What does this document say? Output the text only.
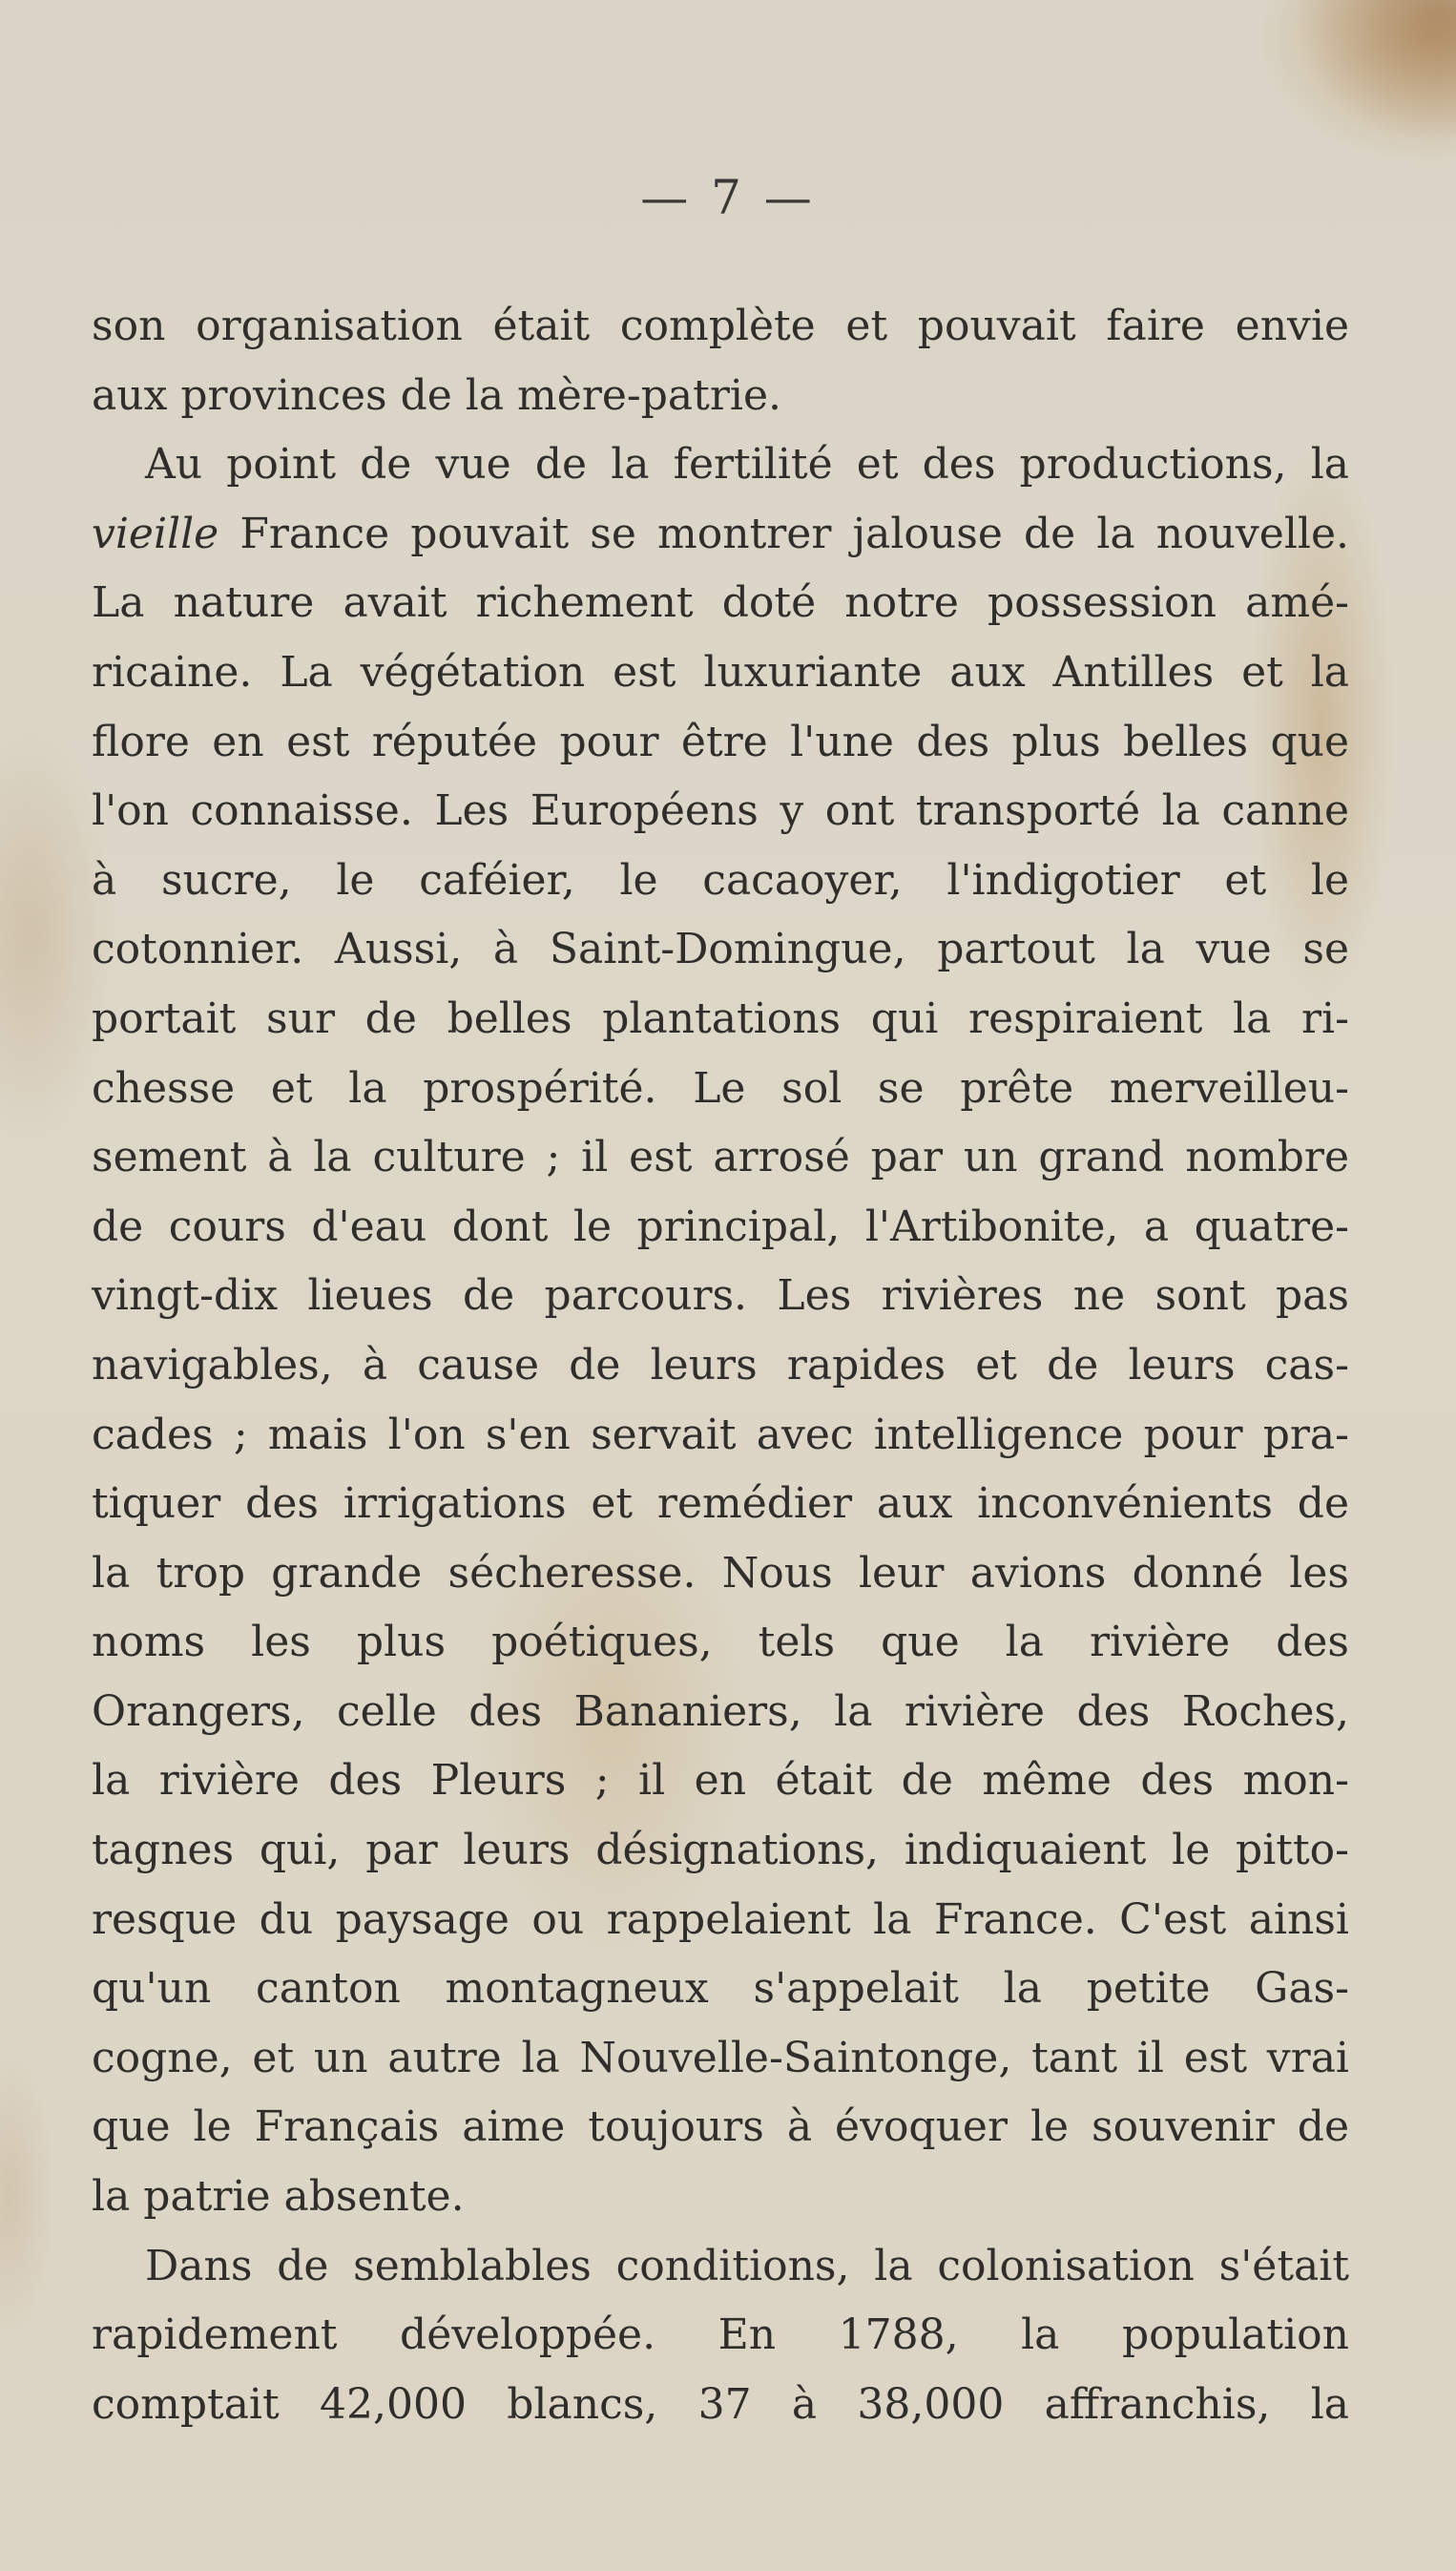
— 7 —
son organisation était complète et pouvait faire envie
aux provinces de la mère-patrie.
Au point de vue de la fertilité et des productions, la
vieille France pouvait se montrer jalouse de la nouvelle.
La nature avait richement doté notre possession amé-
ricaine. La végétation est luxuriante aux Antilles et la
flore en est réputée pour être l'une des plus belles que
l'on connaisse. Les Européens y ont transporté la canne
à sucre, le caféier, le cacaoyer, l'indigotier et le
cotonnier. Aussi, à Saint-Domingue, partout la vue se
portait sur de belles plantations qui respiraient la ri-
chesse et la prospérité. Le sol se prête merveilleu-
sement à la culture ; il est arrosé par un grand nombre
de cours d'eau dont le principal, l'Artibonite, a quatre-
vingt-dix lieues de parcours. Les rivières ne sont pas
navigables, à cause de leurs rapides et de leurs cas-
cades ; mais l'on s'en servait avec intelligence pour pra-
tiquer des irrigations et remédier aux inconvénients de
la trop grande sécheresse. Nous leur avions donné les
noms les plus poétiques, tels que la rivière des
Orangers, celle des Bananiers, la rivière des Roches,
la rivière des Pleurs ; il en était de même des mon-
tagnes qui, par leurs désignations, indiquaient le pitto-
resque du paysage ou rappelaient la France. C'est ainsi
qu'un canton montagneux s'appelait la petite Gas-
cogne, et un autre la Nouvelle-Saintonge, tant il est vrai
que le Français aime toujours à évoquer le souvenir de
la patrie absente.
Dans de semblables conditions, la colonisation s'était
rapidement développée. En 1788, la population
comptait 42,000 blancs, 37 à 38,000 affranchis, la
